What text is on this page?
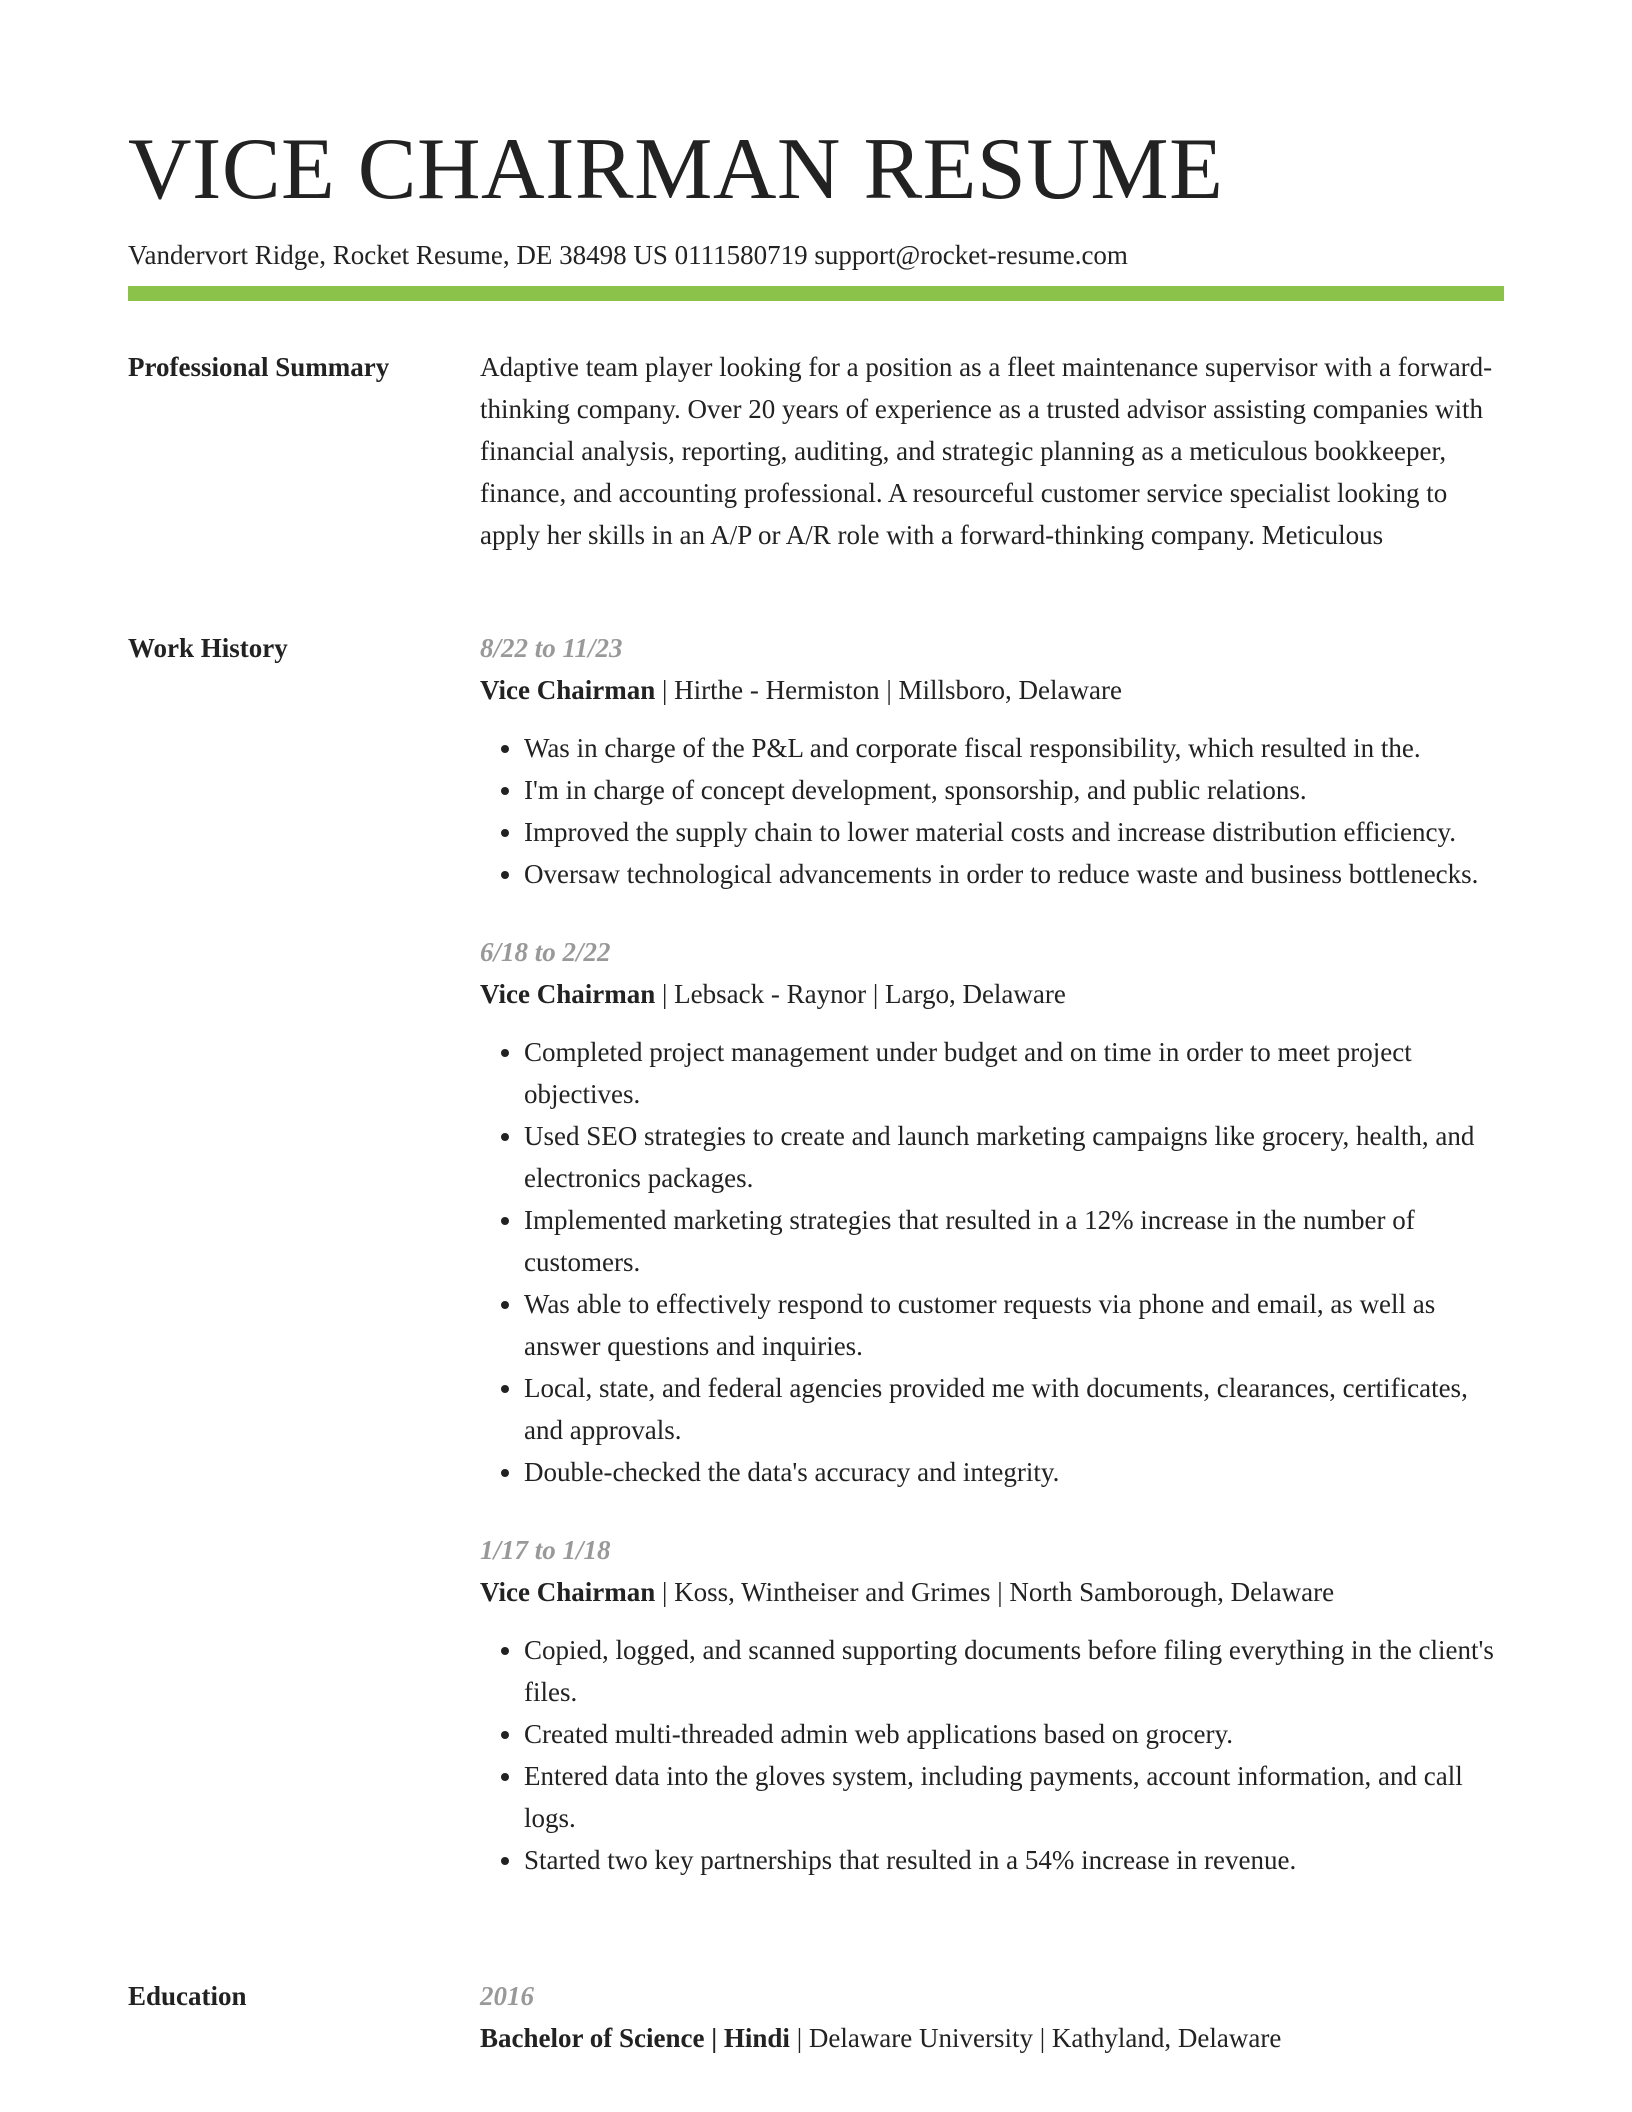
VICE CHAIRMAN RESUME
Vandervort Ridge, Rocket Resume, DE 38498 US 0111580719 support@rocket-resume.com
Professional Summary	Adaptive team player looking for a position as a fleet maintenance supervisor with a forward-thinking company. Over 20 years of experience as a trusted advisor assisting companies with financial analysis, reporting, auditing, and strategic planning as a meticulous bookkeeper, finance, and accounting professional. A resourceful customer service specialist looking to apply her skills in an A/P or A/R role with a forward-thinking company. Meticulous

Work History	8/22 to 11/23
Vice Chairman | Hirthe - Hermiston | Millsboro, Delaware
• Was in charge of the P&L and corporate fiscal responsibility, which resulted in the.
• I'm in charge of concept development, sponsorship, and public relations.
• Improved the supply chain to lower material costs and increase distribution efficiency.
• Oversaw technological advancements in order to reduce waste and business bottlenecks.
6/18 to 2/22
Vice Chairman | Lebsack - Raynor | Largo, Delaware
• Completed project management under budget and on time in order to meet project objectives.
• Used SEO strategies to create and launch marketing campaigns like grocery, health, and electronics packages.
• Implemented marketing strategies that resulted in a 12% increase in the number of customers.
• Was able to effectively respond to customer requests via phone and email, as well as answer questions and inquiries.
• Local, state, and federal agencies provided me with documents, clearances, certificates, and approvals.
• Double-checked the data's accuracy and integrity.
1/17 to 1/18
Vice Chairman | Koss, Wintheiser and Grimes | North Samborough, Delaware
• Copied, logged, and scanned supporting documents before filing everything in the client's files.
• Created multi-threaded admin web applications based on grocery.
• Entered data into the gloves system, including payments, account information, and call logs.
• Started two key partnerships that resulted in a 54% increase in revenue.
Education	2016
Bachelor of Science | Hindi | Delaware University | Kathyland, Delaware
